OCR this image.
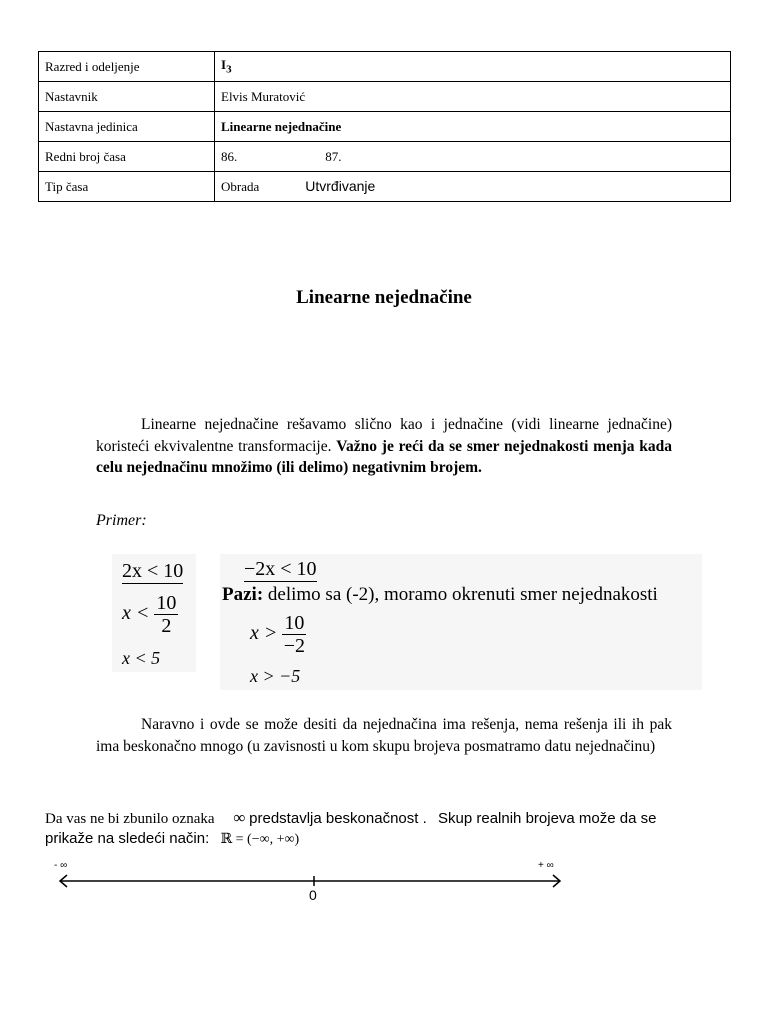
Razred i odeljenje	$I_3$
Nastavnik	Elvis Muratović
Nastavna jedinica	Linearne nejednačine
Redni broj časa	86. 87.
Tip časa	Obrada Utvrđivanje
Linearne nejednačine

Linearne nejednačine rešavamo slično kao i jednačine (vidi linearne jednačine) koristeći ekvivalentne transformacije. Važno je reći da se smer nejednakosti menja kada celu nejednačinu množimo (ili delimo) negativnim brojem.

Primer:
2x < 10
$x < \frac{10}{2}$
x < 5
−2x < 10
Pazi: delimo sa (-2), moramo okrenuti smer nejednakosti
$x > \frac{10}{-2}$
x > −5

Naravno i ovde se može desiti da nejednačina ima rešenja, nema rešenja ili ih pak ima beskonačno mnogo (u zavisnosti u kom skupu brojeva posmatramo datu nejednačinu)

Da vas ne bi zbunilo oznaka ∞ predstavlja beskonačnost . Skup realnih brojeva može da se
prikaže na sledeći način: ℝ = (−∞, +∞)
- ∞	+ ∞
0
